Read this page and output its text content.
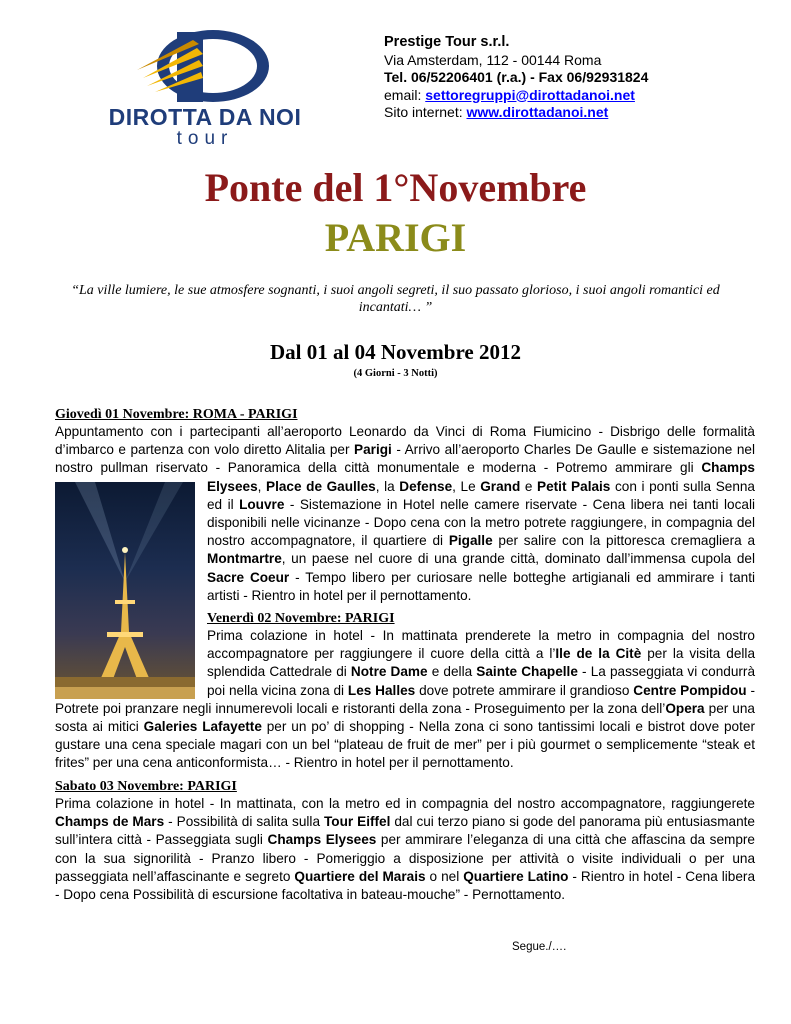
DIROTTA DA NOI
tour
Prestige Tour s.r.l.
Via Amsterdam, 112 - 00144 Roma
Tel. 06/52206401 (r.a.) - Fax 06/92931824
email: settoregruppi@dirottadanoi.net
Sito internet: www.dirottadanoi.net
Ponte del 1°Novembre
PARIGI
“La ville lumiere, le sue atmosfere sognanti, i suoi angoli segreti, il suo passato glorioso, i suoi angoli romantici ed incantati… ”
Dal 01 al 04 Novembre 2012
(4 Giorni - 3 Notti)
Giovedì 01 Novembre: ROMA - PARIGI
Appuntamento con i partecipanti all’aeroporto Leonardo da Vinci di Roma Fiumicino - Disbrigo delle formalità d’imbarco e partenza con volo diretto Alitalia per Parigi - Arrivo all’aeroporto Charles De Gaulle e sistemazione nel nostro pullman riservato - Panoramica della città monumentale e moderna - Potremo ammirare gli Champs Elysees
, Place de Gaulles, la Defense, Le Grand e Petit Palais con i ponti sulla Senna ed il Louvre - Sistemazione in Hotel nelle camere riservate - Cena libera nei tanti locali disponibili nelle vicinanze - Dopo cena con la metro potrete raggiungere, in compagnia del nostro accompagnatore, il quartiere di Pigalle per salire con la pittoresca cremagliera a Montmartre, un paese nel cuore di una grande città, dominato dall’immensa cupola del Sacre Coeur - Tempo libero per curiosare nelle botteghe artigianali ed ammirare i tanti artisti - Rientro in hotel per il pernottamento.
Venerdì 02 Novembre: PARIGI
Prima colazione in hotel - In mattinata prenderete la metro in compagnia del nostro accompagnatore per raggiungere il cuore della città a l’Ile de la Citè per la visita della splendida Cattedrale di Notre Dame e della Sainte Chapelle - La passeggiata vi condurrà poi nella vicina zona di Les Halles dove potrete ammirare il grandioso Centre Pompidou - Potrete poi pranzare negli innumerevoli locali e ristoranti della zona - Proseguimento per la zona dell’Opera per una sosta ai mitici Galeries Lafayette per un po’ di shopping - Nella zona ci sono tantissimi locali e bistrot dove poter gustare una cena speciale magari con un bel “plateau de fruit de mer” per i più gourmet o semplicemente “steak et frites” per una cena anticonformista… - Rientro in hotel per il pernottamento.
Sabato 03 Novembre: PARIGI
Prima colazione in hotel - In mattinata, con la metro ed in compagnia del nostro accompagnatore, raggiungerete Champs de Mars - Possibilità di salita sulla Tour Eiffel dal cui terzo piano si gode del panorama più entusiasmante sull’intera città - Passeggiata sugli Champs Elysees per ammirare l’eleganza di una città che affascina da sempre con la sua signorilità - Pranzo libero - Pomeriggio a disposizione per attività o visite individuali o per una passeggiata nell’affascinante e segreto Quartiere del Marais o nel Quartiere Latino - Rientro in hotel - Cena libera - Dopo cena Possibilità di escursione facoltativa in bateau-mouche” - Pernottamento.
Segue./….
